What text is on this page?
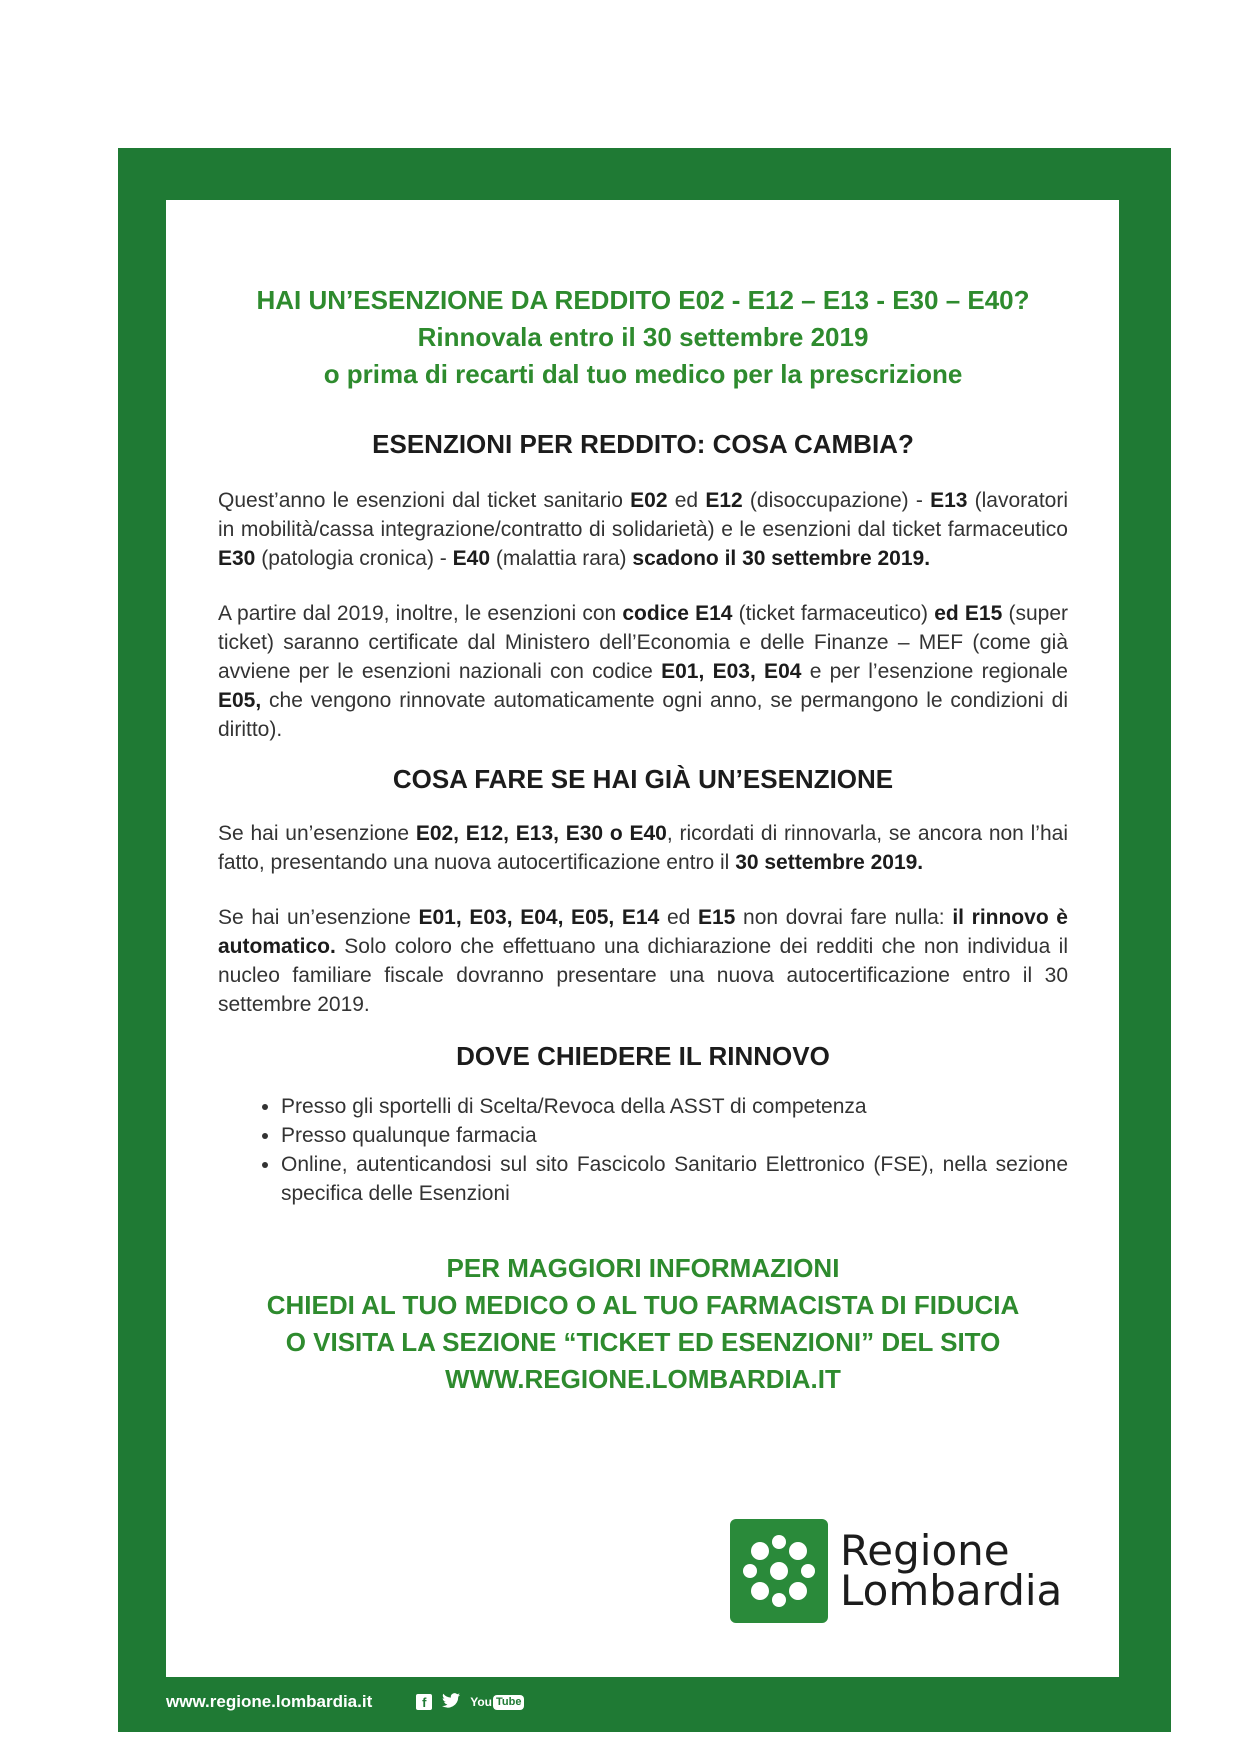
HAI UN’ESENZIONE DA REDDITO E02 - E12 – E13 - E30 – E40?

Rinnovala entro il 30 settembre 2019

o prima di recarti dal tuo medico per la prescrizione

ESENZIONI PER REDDITO: COSA CAMBIA?

Quest’anno le esenzioni dal ticket sanitario E02 ed E12 (disoccupazione) - E13 (lavoratori in mobilità/cassa integrazione/contratto di solidarietà) e le esenzioni dal ticket farmaceutico E30 (patologia cronica) - E40 (malattia rara) scadono il 30 settembre 2019.

A partire dal 2019, inoltre, le esenzioni con codice E14 (ticket farmaceutico) ed E15 (super ticket) saranno certificate dal Ministero dell’Economia e delle Finanze – MEF (come già avviene per le esenzioni nazionali con codice E01, E03, E04 e per l’esenzione regionale E05, che vengono rinnovate automaticamente ogni anno, se permangono le condizioni di diritto).

COSA FARE SE HAI GIÀ UN’ESENZIONE

Se hai un’esenzione E02, E12, E13, E30 o E40, ricordati di rinnovarla, se ancora non l’hai fatto, presentando una nuova autocertificazione entro il 30 settembre 2019.

Se hai un’esenzione E01, E03, E04, E05, E14 ed E15 non dovrai fare nulla: il rinnovo è automatico. Solo coloro che effettuano una dichiarazione dei redditi che non individua il nucleo familiare fiscale dovranno presentare una nuova autocertificazione entro il 30 settembre 2019.

DOVE CHIEDERE IL RINNOVO

• Presso gli sportelli di Scelta/Revoca della ASST di competenza
• Presso qualunque farmacia
• Online, autenticandosi sul sito Fascicolo Sanitario Elettronico (FSE), nella sezione specifica delle Esenzioni

PER MAGGIORI INFORMAZIONI

CHIEDI AL TUO MEDICO O AL TUO FARMACISTA DI FIDUCIA

O VISITA LA SEZIONE “TICKET ED ESENZIONI” DEL SITO

WWW.REGIONE.LOMBARDIA.IT

Regione
Lombardia
www.regione.lombardia.it	f	You Tube
